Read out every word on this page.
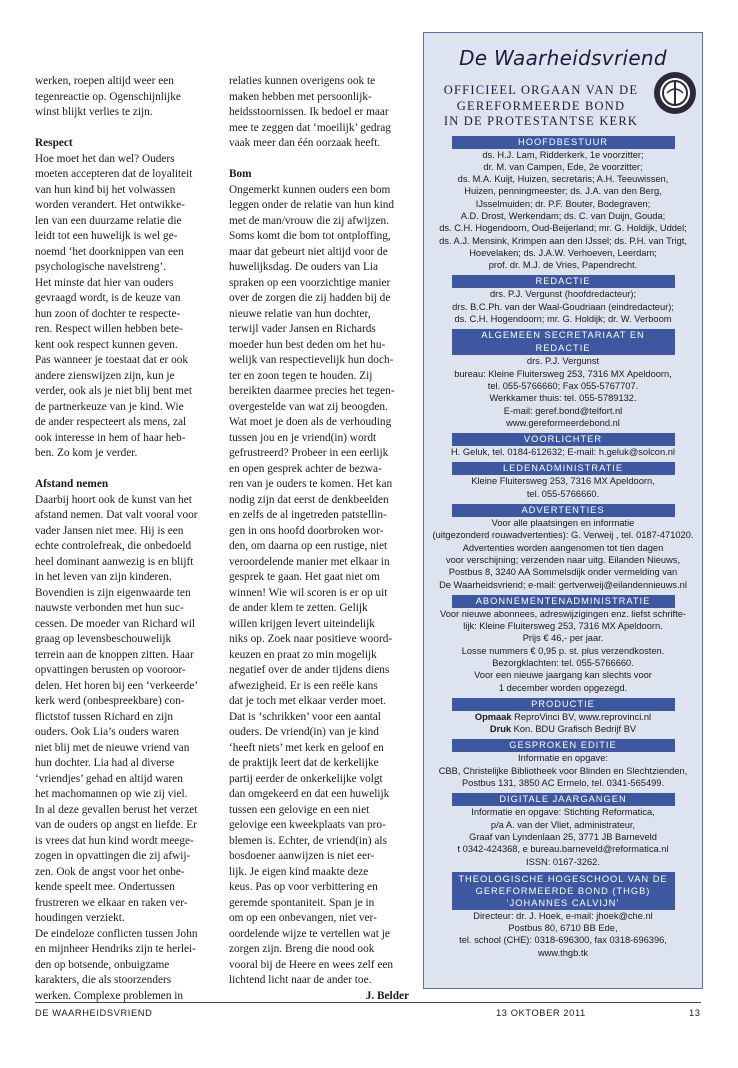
werken, roepen altijd weer een
tegenreactie op. Ogenschijnlijke
winst blijkt verlies te zijn.
Respect
Hoe moet het dan wel? Ouders
moeten accepteren dat de loyaliteit
van hun kind bij het volwassen
worden verandert. Het ontwikke-
len van een duurzame relatie die
leidt tot een huwelijk is wel ge-
noemd ‘het doorknippen van een
psychologische navelstreng’.
Het minste dat hier van ouders
gevraagd wordt, is de keuze van
hun zoon of dochter te respecte-
ren. Respect willen hebben bete-
kent ook respect kunnen geven.
Pas wanneer je toestaat dat er ook
andere zienswijzen zijn, kun je
verder, ook als je niet blij bent met
de partnerkeuze van je kind. Wie
de ander respecteert als mens, zal
ook interesse in hem of haar heb-
ben. Zo kom je verder.
Afstand nemen
Daarbij hoort ook de kunst van het
afstand nemen. Dat valt vooral voor
vader Jansen niet mee. Hij is een
echte controlefreak, die onbedoeld
heel dominant aanwezig is en blijft
in het leven van zijn kinderen.
Bovendien is zijn eigenwaarde ten
nauwste verbonden met hun suc-
cessen. De moeder van Richard wil
graag op levensbeschouwelijk
terrein aan de knoppen zitten. Haar
opvattingen berusten op vooroor-
delen. Het horen bij een ‘verkeerde’
kerk werd (onbespreekbare) con-
flictstof tussen Richard en zijn
ouders. Ook Lia’s ouders waren
niet blij met de nieuwe vriend van
hun dochter. Lia had al diverse
‘vriendjes’ gehad en altijd waren
het machomannen op wie zij viel.
In al deze gevallen berust het verzet
van de ouders op angst en liefde. Er
is vrees dat hun kind wordt meege-
zogen in opvattingen die zij afwij-
zen. Ook de angst voor het onbe-
kende speelt mee. Ondertussen
frustreren we elkaar en raken ver-
houdingen verziekt.
De eindeloze conflicten tussen John
en mijnheer Hendriks zijn te herlei-
den op botsende, onbuigzame
karakters, die als stoorzenders
werken. Complexe problemen in
relaties kunnen overigens ook te
maken hebben met persoonlijk-
heidsstoornissen. Ik bedoel er maar
mee te zeggen dat ‘moeilijk’ gedrag
vaak meer dan één oorzaak heeft.
Bom
Ongemerkt kunnen ouders een bom
leggen onder de relatie van hun kind
met de man/vrouw die zij afwijzen.
Soms komt die bom tot ontploffing,
maar dat gebeurt niet altijd voor de
huwelijksdag. De ouders van Lia
spraken op een voorzichtige manier
over de zorgen die zij hadden bij de
nieuwe relatie van hun dochter,
terwijl vader Jansen en Richards
moeder hun best deden om het hu-
welijk van respectievelijk hun doch-
ter en zoon tegen te houden. Zij
bereikten daarmee precies het tegen-
overgestelde van wat zij beoogden.
Wat moet je doen als de verhouding
tussen jou en je vriend(in) wordt
gefrustreerd? Probeer in een eerlijk
en open gesprek achter de bezwa-
ren van je ouders te komen. Het kan
nodig zijn dat eerst de denkbeelden
en zelfs de al ingetreden patstellin-
gen in ons hoofd doorbroken wor-
den, om daarna op een rustige, niet
veroordelende manier met elkaar in
gesprek te gaan. Het gaat niet om
winnen! Wie wil scoren is er op uit
de ander klem te zetten. Gelijk
willen krijgen levert uiteindelijk
niks op. Zoek naar positieve woord-
keuzen en praat zo min mogelijk
negatief over de ander tijdens diens
afwezigheid. Er is een reële kans
dat je toch met elkaar verder moet.
Dat is ‘schrikken’ voor een aantal
ouders. De vriend(in) van je kind
‘heeft niets’ met kerk en geloof en
de praktijk leert dat de kerkelijke
partij eerder de onkerkelijke volgt
dan omgekeerd en dat een huwelijk
tussen een gelovige en een niet
gelovige een kweekplaats van pro-
blemen is. Echter, de vriend(in) als
bosdoener aanwijzen is niet eer-
lijk. Je eigen kind maakte deze
keus. Pas op voor verbittering en
geremde spontaniteit. Span je in
om op een onbevangen, niet ver-
oordelende wijze te vertellen wat je
zorgen zijn. Breng die nood ook
vooral bij de Heere en wees zelf een
lichtend licht naar de ander toe.
J. Belder
De Waarheidsvriend
OFFICIEEL ORGAAN VAN DE
GEREFORMEERDE BOND
IN DE PROTESTANTSE KERK
HOOFDBESTUUR
ds. H.J. Lam, Ridderkerk, 1e voorzitter;
dr. M. van Campen, Ede, 2e voorzitter;
ds. M.A. Kuijt, Huizen, secretaris; A.H. Teeuwissen,
Huizen, penningmeester; ds. J.A. van den Berg,
IJsselmuiden; dr. P.F. Bouter, Bodegraven;
A.D. Drost, Werkendam; ds. C. van Duijn, Gouda;
ds. C.H. Hogendoorn, Oud-Beijerland; mr. G. Holdijk, Uddel;
ds. A.J. Mensink, Krimpen aan den IJssel; ds. P.H. van Trigt,
Hoevelaken; ds. J.A.W. Verhoeven, Leerdam;
prof. dr. M.J. de Vries, Papendrecht.
REDACTIE
drs. P.J. Vergunst (hoofdredacteur);
drs. B.C.Ph. van der Waal-Goudriaan (eindredacteur);
ds. C.H. Hogendoorn; mr. G. Holdijk; dr. W. Verboom
ALGEMEEN SECRETARIAAT EN REDACTIE
drs. P.J. Vergunst
bureau: Kleine Fluitersweg 253, 7316 MX Apeldoorn,
tel. 055-5766660; Fax 055-5767707.
Werkkamer thuis: tel. 055-5789132.
E-mail: geref.bond@telfort.nl
www.gereformeerdebond.nl
VOORLICHTER
H. Geluk, tel. 0184-612632; E-mail: h.geluk@solcon.nl
LEDENADMINISTRATIE
Kleine Fluitersweg 253, 7316 MX Apeldoorn,
tel. 055-5766660.
ADVERTENTIES
Voor alle plaatsingen en informatie
(uitgezonderd rouwadvertenties): G. Verweij , tel. 0187-471020.
Advertenties worden aangenomen tot tien dagen
voor verschijning; verzenden naar uitg. Eilanden Nieuws,
Postbus 8, 3240 AA Sommelsdijk onder vermelding van
De Waarheidsvriend; e-mail: gertverweij@eilandennieuws.nl
ABONNEMENTENADMINISTRATIE
Voor nieuwe abonnees, adreswijzigingen enz. liefst schrifte-
lijk: Kleine Fluitersweg 253, 7316 MX Apeldoorn.
Prijs € 46,- per jaar.
Losse nummers € 0,95 p. st. plus verzendkosten.
Bezorgklachten: tel. 055-5766660.
Voor een nieuwe jaargang kan slechts voor
1 december worden opgezegd.
PRODUCTIE
Opmaak ReproVinci BV, www.reprovinci.nl
Druk Kon. BDU Grafisch Bedrijf BV
GESPROKEN EDITIE
Informatie en opgave:
CBB, Christelijke Bibliotheek voor Blinden en Slechtzienden,
Postbus 131, 3850 AC Ermelo, tel. 0341-565499.
DIGITALE JAARGANGEN
Informatie en opgave: Stichting Reformatica,
p/a A. van der Vliet, administrateur,
Graaf van Lyndenlaan 25, 3771 JB Barneveld
t 0342-424368, e bureau.barneveld@reformatica.nl
ISSN: 0167-3262.
THEOLOGISCHE HOGESCHOOL VAN DE
GEREFORMEERDE BOND (THGB)
‘JOHANNES CALVIJN’
Directeur: dr. J. Hoek, e-mail: jhoek@che.nl
Postbus 80, 6710 BB Ede,
tel. school (CHE): 0318-696300, fax 0318-696396,
www.thgb.tk
DE WAARHEIDSVRIEND	13 OKTOBER 2011	13
